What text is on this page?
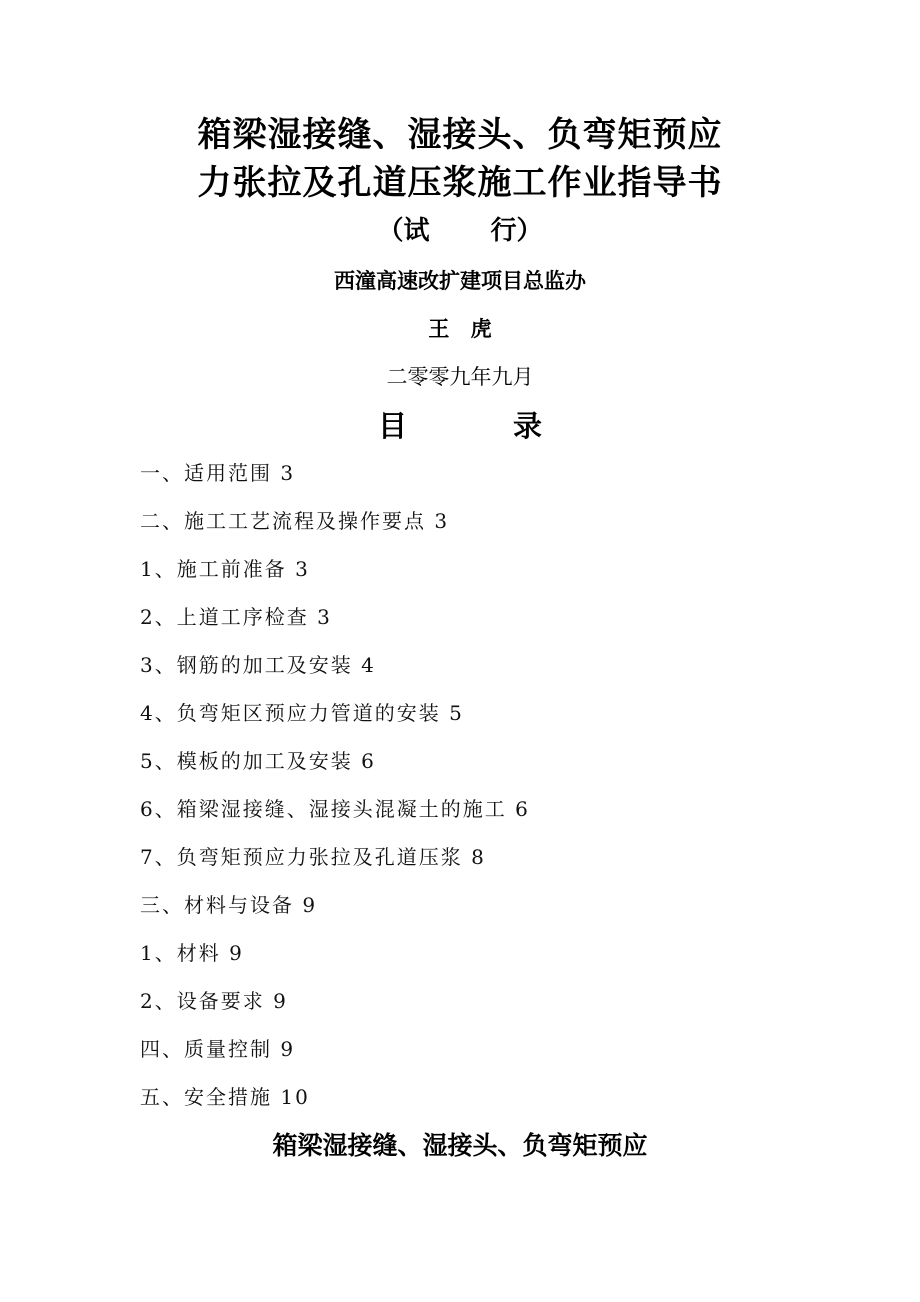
箱梁湿接缝、湿接头、负弯矩预应
力张拉及孔道压浆施工作业指导书
（试　 行）
西潼高速改扩建项目总监办
王 虎
二零零九年九月
目 录
一、适用范围 3
二、施工工艺流程及操作要点 3
1、施工前准备 3
2、上道工序检查 3
3、钢筋的加工及安装 4
4、负弯矩区预应力管道的安装 5
5、模板的加工及安装 6
6、箱梁湿接缝、湿接头混凝土的施工 6
7、负弯矩预应力张拉及孔道压浆 8
三、材料与设备 9
1、材料 9
2、设备要求 9
四、质量控制 9
五、安全措施 10
箱梁湿接缝、湿接头、负弯矩预应
